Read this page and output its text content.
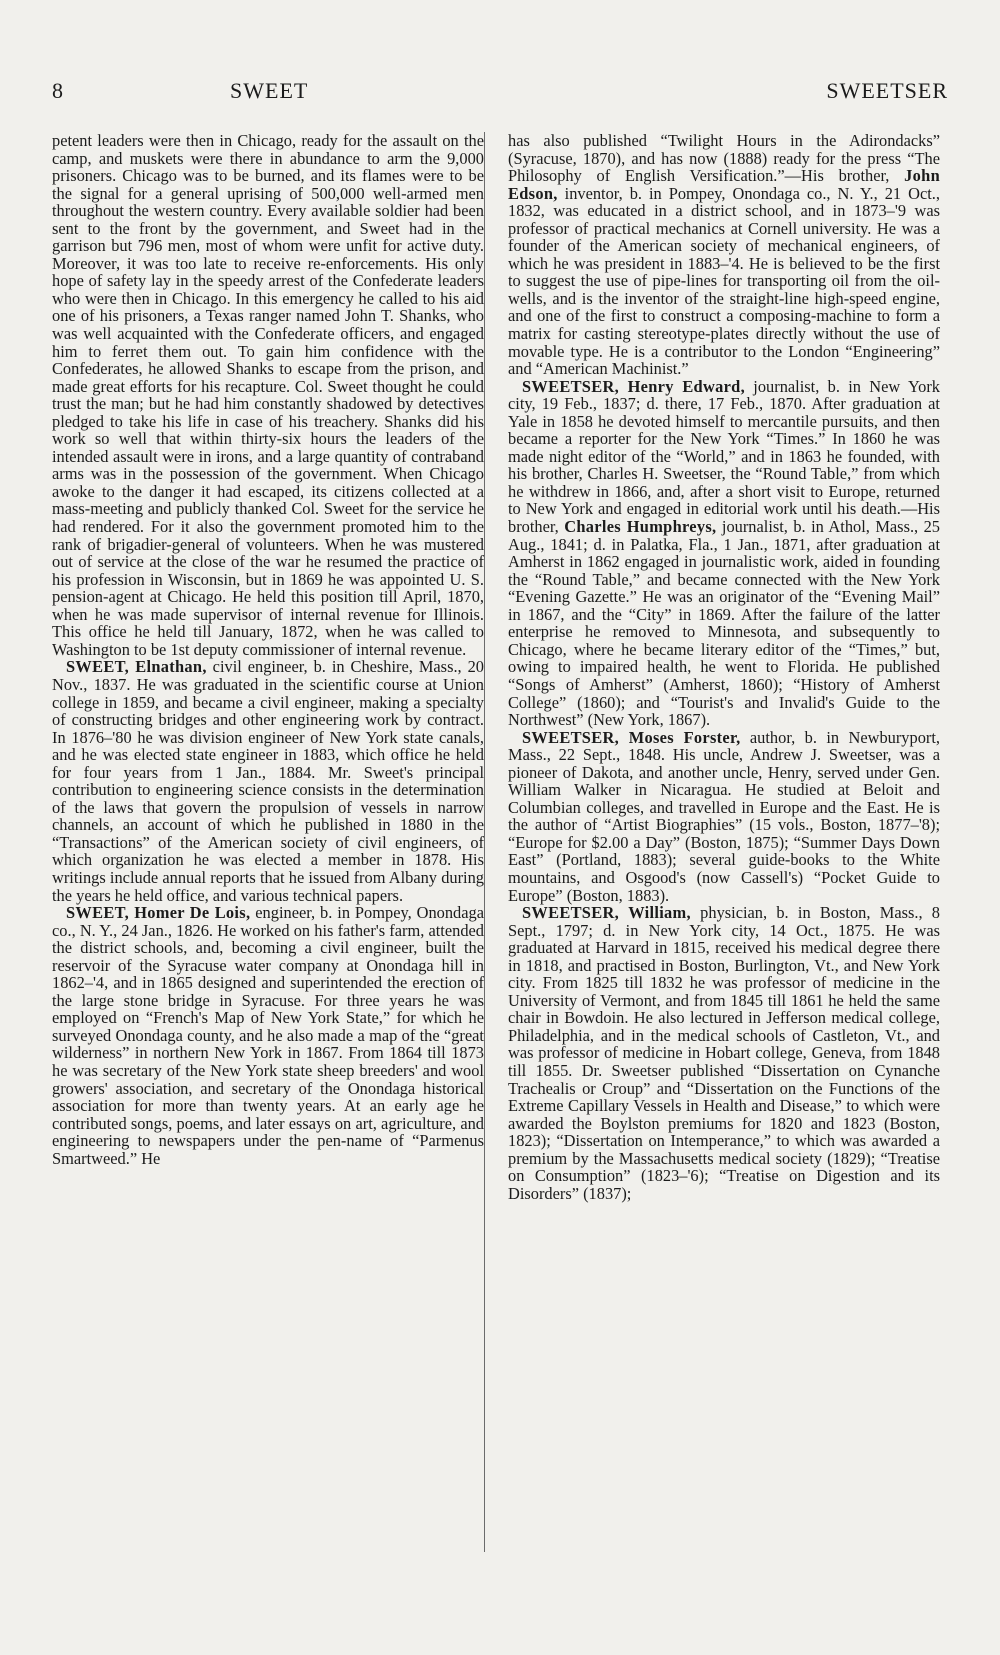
8	SWEET	SWEETSER

petent leaders were then in Chicago, ready for the assault on the camp, and muskets were there in abundance to arm the 9,000 prisoners. Chicago was to be burned, and its flames were to be the signal for a general uprising of 500,000 well-armed men throughout the western country. Every available soldier had been sent to the front by the government, and Sweet had in the garrison but 796 men, most of whom were unfit for active duty. Moreover, it was too late to receive re-enforcements. His only hope of safety lay in the speedy arrest of the Confederate leaders who were then in Chicago. In this emergency he called to his aid one of his prisoners, a Texas ranger named John T. Shanks, who was well acquainted with the Confederate officers, and engaged him to ferret them out. To gain him confidence with the Confederates, he allowed Shanks to escape from the prison, and made great efforts for his recapture. Col. Sweet thought he could trust the man; but he had him constantly shadowed by detectives pledged to take his life in case of his treachery. Shanks did his work so well that within thirty-six hours the leaders of the intended assault were in irons, and a large quantity of contraband arms was in the possession of the government. When Chicago awoke to the danger it had escaped, its citizens collected at a mass-meeting and publicly thanked Col. Sweet for the service he had rendered. For it also the government promoted him to the rank of brigadier-general of volunteers. When he was mustered out of service at the close of the war he resumed the practice of his profession in Wisconsin, but in 1869 he was appointed U. S. pension-agent at Chicago. He held this position till April, 1870, when he was made supervisor of internal revenue for Illinois. This office he held till January, 1872, when he was called to Washington to be 1st deputy commissioner of internal revenue.

SWEET, Elnathan, civil engineer, b. in Cheshire, Mass., 20 Nov., 1837. He was graduated in the scientific course at Union college in 1859, and became a civil engineer, making a specialty of constructing bridges and other engineering work by contract. In 1876–'80 he was division engineer of New York state canals, and he was elected state engineer in 1883, which office he held for four years from 1 Jan., 1884. Mr. Sweet's principal contribution to engineering science consists in the determination of the laws that govern the propulsion of vessels in narrow channels, an account of which he published in 1880 in the “Transactions” of the American society of civil engineers, of which organization he was elected a member in 1878. His writings include annual reports that he issued from Albany during the years he held office, and various technical papers.

SWEET, Homer De Lois, engineer, b. in Pompey, Onondaga co., N. Y., 24 Jan., 1826. He worked on his father's farm, attended the district schools, and, becoming a civil engineer, built the reservoir of the Syracuse water company at Onondaga hill in 1862–'4, and in 1865 designed and superintended the erection of the large stone bridge in Syracuse. For three years he was employed on “French's Map of New York State,” for which he surveyed Onondaga county, and he also made a map of the “great wilderness” in northern New York in 1867. From 1864 till 1873 he was secretary of the New York state sheep breeders' and wool growers' association, and secretary of the Onondaga historical association for more than twenty years. At an early age he contributed songs, poems, and later essays on art, agriculture, and engineering to newspapers under the pen-name of “Parmenus Smartweed.” He

has also published “Twilight Hours in the Adirondacks” (Syracuse, 1870), and has now (1888) ready for the press “The Philosophy of English Versification.”—His brother, John Edson, inventor, b. in Pompey, Onondaga co., N. Y., 21 Oct., 1832, was educated in a district school, and in 1873–'9 was professor of practical mechanics at Cornell university. He was a founder of the American society of mechanical engineers, of which he was president in 1883–'4. He is believed to be the first to suggest the use of pipe-lines for transporting oil from the oil-wells, and is the inventor of the straight-line high-speed engine, and one of the first to construct a composing-machine to form a matrix for casting stereotype-plates directly without the use of movable type. He is a contributor to the London “Engineering” and “American Machinist.”

SWEETSER, Henry Edward, journalist, b. in New York city, 19 Feb., 1837; d. there, 17 Feb., 1870. After graduation at Yale in 1858 he devoted himself to mercantile pursuits, and then became a reporter for the New York “Times.” In 1860 he was made night editor of the “World,” and in 1863 he founded, with his brother, Charles H. Sweetser, the “Round Table,” from which he withdrew in 1866, and, after a short visit to Europe, returned to New York and engaged in editorial work until his death.—His brother, Charles Humphreys, journalist, b. in Athol, Mass., 25 Aug., 1841; d. in Palatka, Fla., 1 Jan., 1871, after graduation at Amherst in 1862 engaged in journalistic work, aided in founding the “Round Table,” and became connected with the New York “Evening Gazette.” He was an originator of the “Evening Mail” in 1867, and the “City” in 1869. After the failure of the latter enterprise he removed to Minnesota, and subsequently to Chicago, where he became literary editor of the “Times,” but, owing to impaired health, he went to Florida. He published “Songs of Amherst” (Amherst, 1860); “History of Amherst College” (1860); and “Tourist's and Invalid's Guide to the Northwest” (New York, 1867).

SWEETSER, Moses Forster, author, b. in Newburyport, Mass., 22 Sept., 1848. His uncle, Andrew J. Sweetser, was a pioneer of Dakota, and another uncle, Henry, served under Gen. William Walker in Nicaragua. He studied at Beloit and Columbian colleges, and travelled in Europe and the East. He is the author of “Artist Biographies” (15 vols., Boston, 1877–'8); “Europe for $2.00 a Day” (Boston, 1875); “Summer Days Down East” (Portland, 1883); several guide-books to the White mountains, and Osgood's (now Cassell's) “Pocket Guide to Europe” (Boston, 1883).

SWEETSER, William, physician, b. in Boston, Mass., 8 Sept., 1797; d. in New York city, 14 Oct., 1875. He was graduated at Harvard in 1815, received his medical degree there in 1818, and practised in Boston, Burlington, Vt., and New York city. From 1825 till 1832 he was professor of medicine in the University of Vermont, and from 1845 till 1861 he held the same chair in Bowdoin. He also lectured in Jefferson medical college, Philadelphia, and in the medical schools of Castleton, Vt., and was professor of medicine in Hobart college, Geneva, from 1848 till 1855. Dr. Sweetser published “Dissertation on Cynanche Trachealis or Croup” and “Dissertation on the Functions of the Extreme Capillary Vessels in Health and Disease,” to which were awarded the Boylston premiums for 1820 and 1823 (Boston, 1823); “Dissertation on Intemperance,” to which was awarded a premium by the Massachusetts medical society (1829); “Treatise on Consumption” (1823–'6); “Treatise on Digestion and its Disorders” (1837);
